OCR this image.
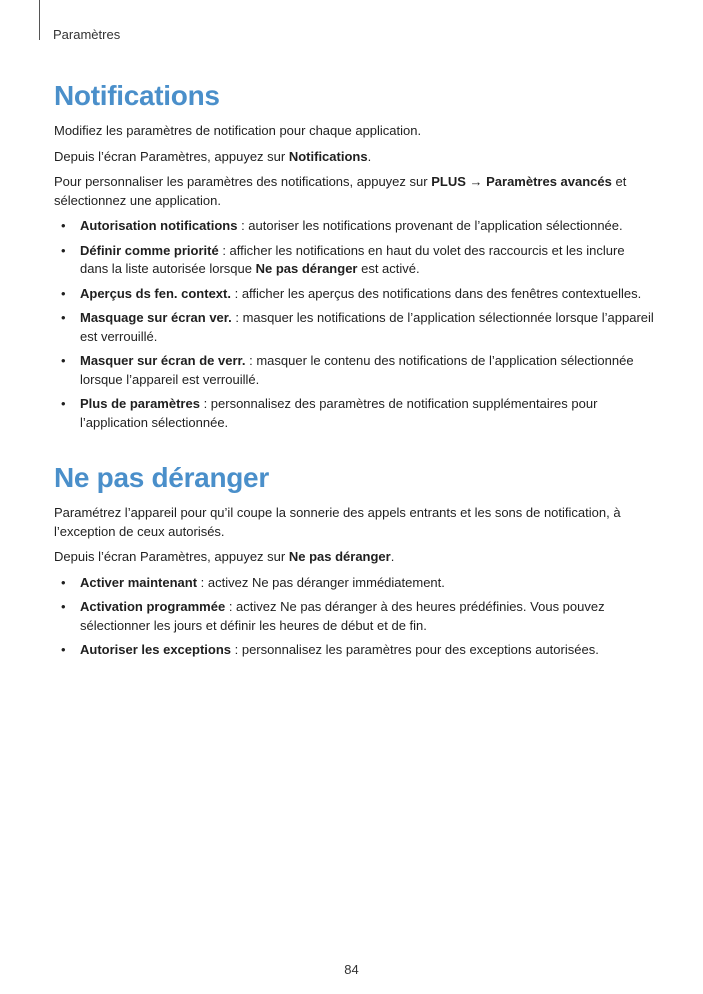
Paramètres
Notifications

Modifiez les paramètres de notification pour chaque application.

Depuis l’écran Paramètres, appuyez sur Notifications.

Pour personnaliser les paramètres des notifications, appuyez sur PLUS → Paramètres avancés et sélectionnez une application.

• Autorisation notifications : autoriser les notifications provenant de l’application sélectionnée.
• Définir comme priorité : afficher les notifications en haut du volet des raccourcis et les inclure dans la liste autorisée lorsque Ne pas déranger est activé.
• Aperçus ds fen. context. : afficher les aperçus des notifications dans des fenêtres contextuelles.
• Masquage sur écran ver. : masquer les notifications de l’application sélectionnée lorsque l’appareil est verrouillé.
• Masquer sur écran de verr. : masquer le contenu des notifications de l’application sélectionnée lorsque l’appareil est verrouillé.
• Plus de paramètres : personnalisez des paramètres de notification supplémentaires pour l’application sélectionnée.
Ne pas déranger

Paramétrez l’appareil pour qu’il coupe la sonnerie des appels entrants et les sons de notification, à l’exception de ceux autorisés.

Depuis l’écran Paramètres, appuyez sur Ne pas déranger.

• Activer maintenant : activez Ne pas déranger immédiatement.
• Activation programmée : activez Ne pas déranger à des heures prédéfinies. Vous pouvez sélectionner les jours et définir les heures de début et de fin.
• Autoriser les exceptions : personnalisez les paramètres pour des exceptions autorisées.
84
